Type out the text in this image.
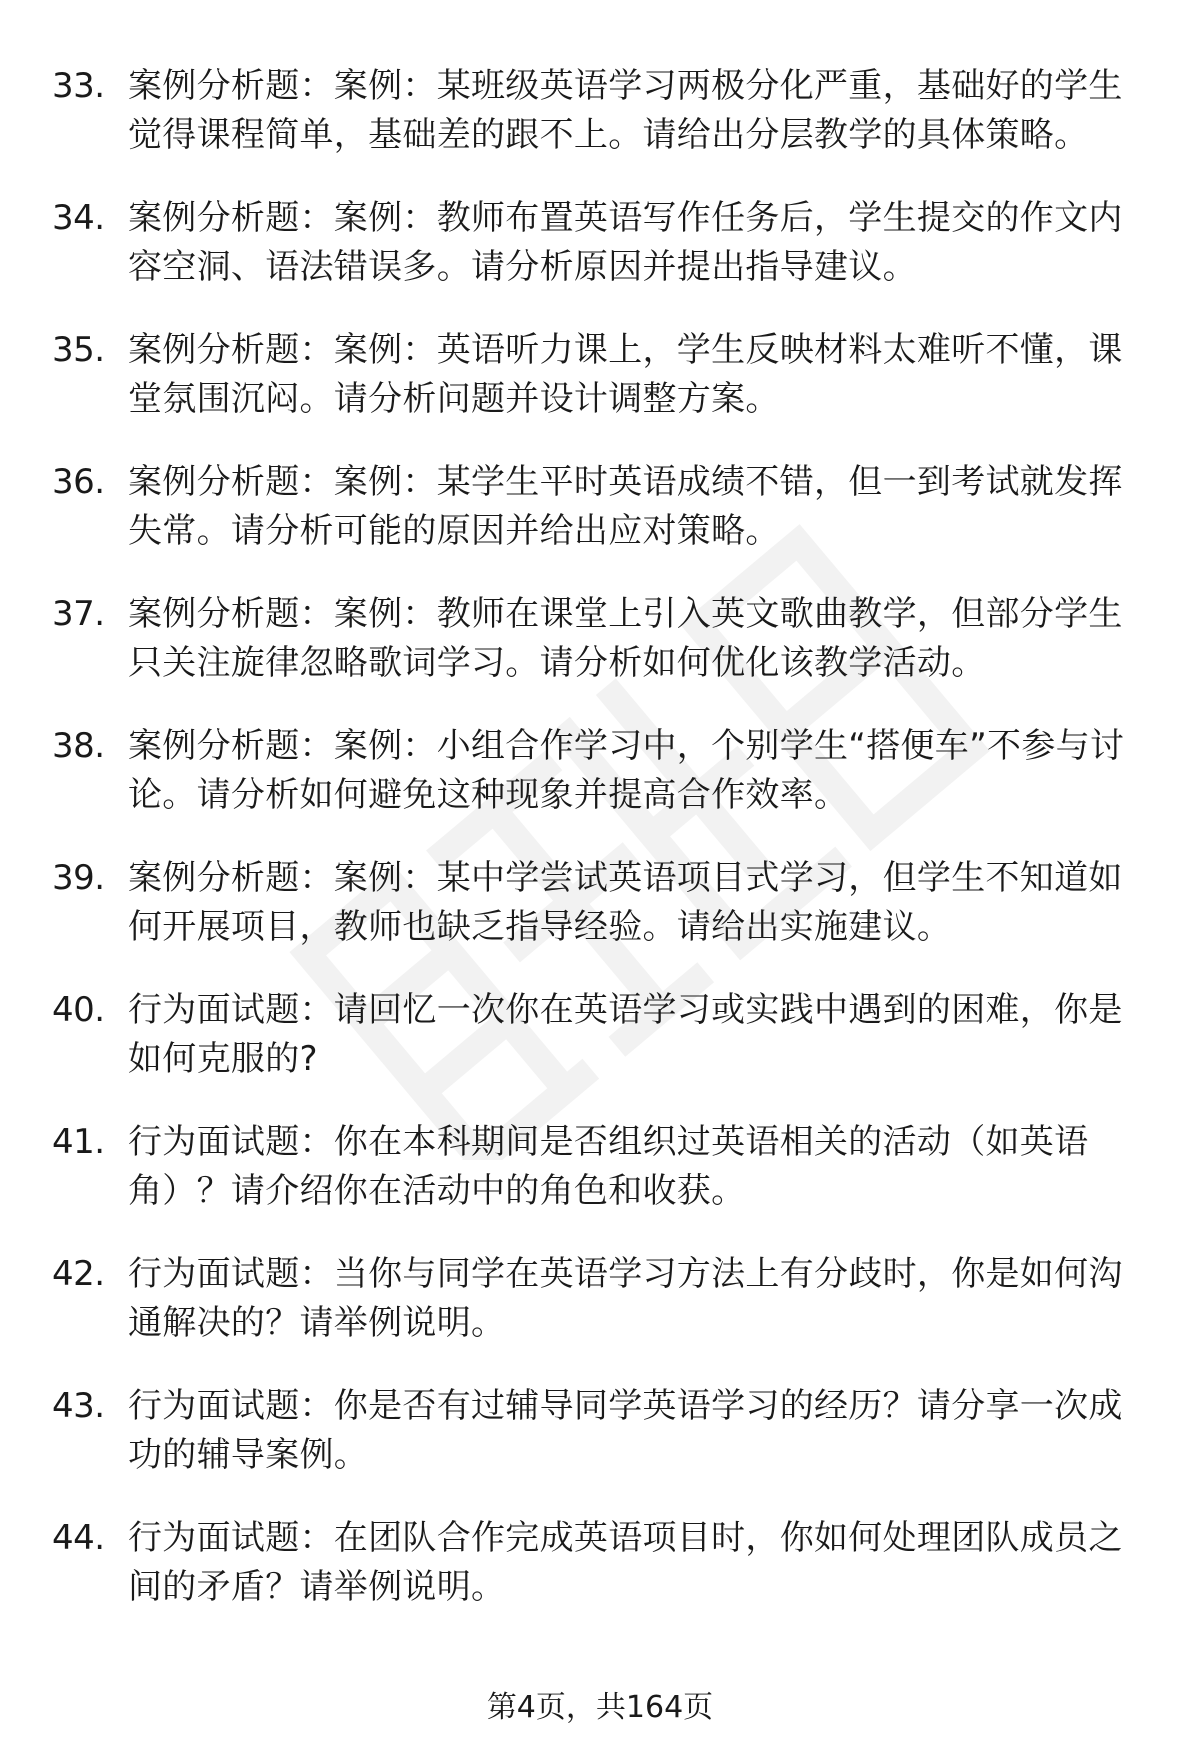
33. 案例分析题：案例：某班级英语学习两极分化严重，基础好的学生觉得课程简单，基础差的跟不上。请给出分层教学的具体策略。
34. 案例分析题：案例：教师布置英语写作任务后，学生提交的作文内容空洞、语法错误多。请分析原因并提出指导建议。
35. 案例分析题：案例：英语听力课上，学生反映材料太难听不懂，课堂氛围沉闷。请分析问题并设计调整方案。
36. 案例分析题：案例：某学生平时英语成绩不错，但一到考试就发挥失常。请分析可能的原因并给出应对策略。
37. 案例分析题：案例：教师在课堂上引入英文歌曲教学，但部分学生只关注旋律忽略歌词学习。请分析如何优化该教学活动。
38. 案例分析题：案例：小组合作学习中，个别学生“搭便车”不参与讨论。请分析如何避免这种现象并提高合作效率。
39. 案例分析题：案例：某中学尝试英语项目式学习，但学生不知道如何开展项目，教师也缺乏指导经验。请给出实施建议。
40. 行为面试题：请回忆一次你在英语学习或实践中遇到的困难，你是如何克服的?
41. 行为面试题：你在本科期间是否组织过英语相关的活动（如英语角）？请介绍你在活动中的角色和收获。
42. 行为面试题：当你与同学在英语学习方法上有分歧时，你是如何沟通解决的？请举例说明。
43. 行为面试题：你是否有过辅导同学英语学习的经历？请分享一次成功的辅导案例。
44. 行为面试题：在团队合作完成英语项目时，你如何处理团队成员之间的矛盾？请举例说明。
第4页，共164页
